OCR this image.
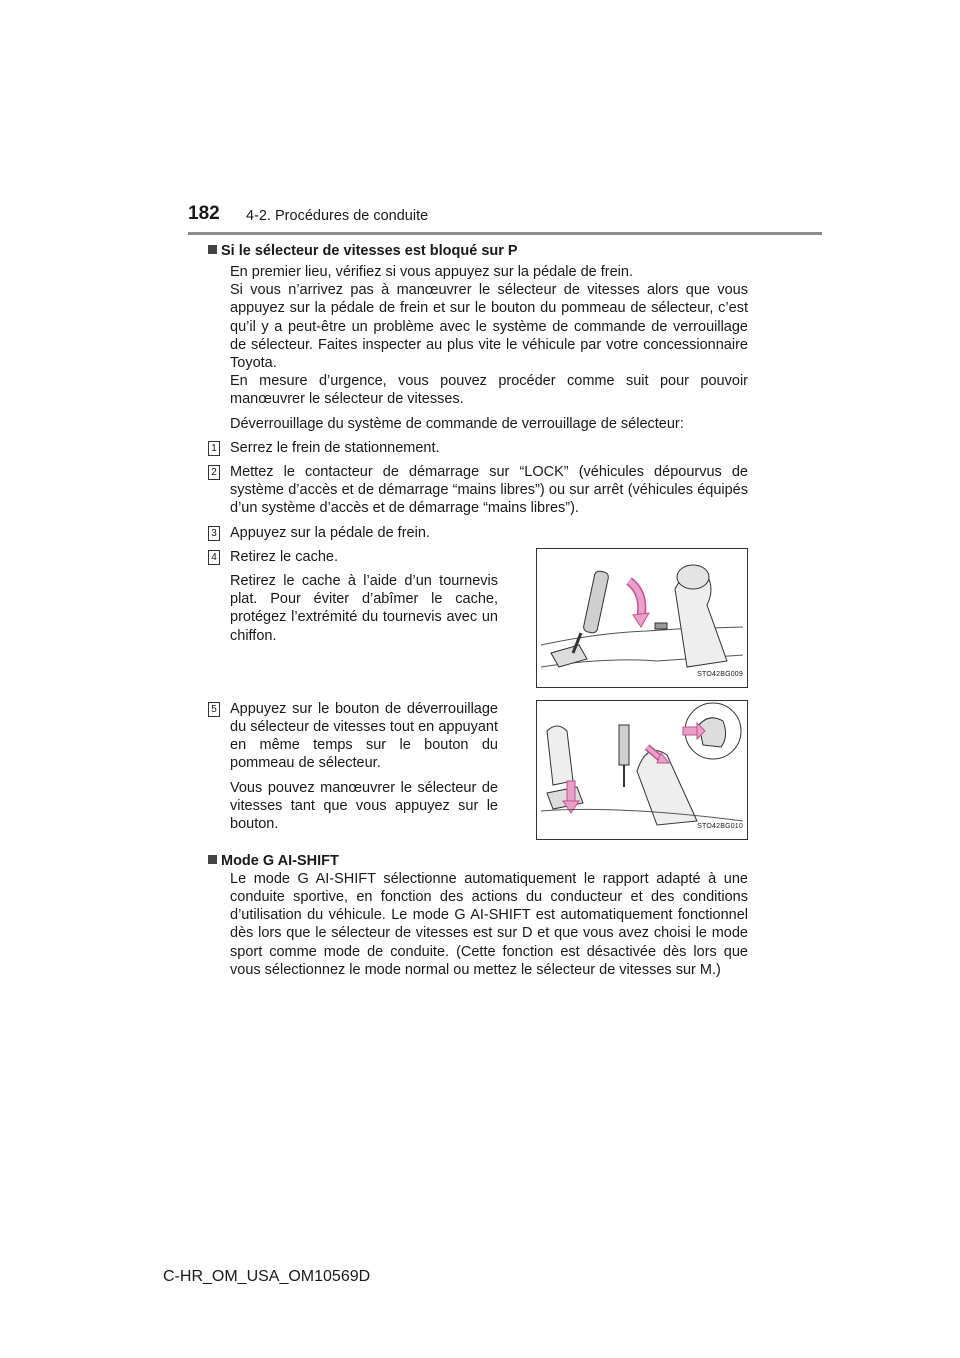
182 4-2. Procédures de conduite

Si le sélecteur de vitesses est bloqué sur P

En premier lieu, vérifiez si vous appuyez sur la pédale de frein.

Si vous n’arrivez pas à manœuvrer le sélecteur de vitesses alors que vous appuyez sur la pédale de frein et sur le bouton du pommeau de sélecteur, c’est qu’il y a peut-être un problème avec le système de commande de verrouillage de sélecteur. Faites inspecter au plus vite le véhicule par votre concessionnaire Toyota.

En mesure d’urgence, vous pouvez procéder comme suit pour pouvoir manœuvrer le sélecteur de vitesses.

Déverrouillage du système de commande de verrouillage de sélecteur:

1 Serrez le frein de stationnement.
2 Mettez le contacteur de démarrage sur “LOCK” (véhicules dépourvus de système d’accès et de démarrage “mains libres”) ou sur arrêt (véhicules équipés d’un système d’accès et de démarrage “mains libres”).
3 Appuyez sur la pédale de frein.
4 Retirez le cache.
Retirez le cache à l’aide d’un tournevis plat. Pour éviter d’abîmer le cache, protégez l’extrémité du tournevis avec un chiffon.
STO42BG009
5 Appuyez sur le bouton de déverrouillage du sélecteur de vitesses tout en appuyant en même temps sur le bouton du pommeau de sélecteur.
Vous pouvez manœuvrer le sélecteur de vitesses tant que vous appuyez sur le bouton.	STO42BG010

Mode G AI-SHIFT

Le mode G AI-SHIFT sélectionne automatiquement le rapport adapté à une conduite sportive, en fonction des actions du conducteur et des conditions d’utilisation du véhicule. Le mode G AI-SHIFT est automatiquement fonctionnel dès lors que le sélecteur de vitesses est sur D et que vous avez choisi le mode sport comme mode de conduite. (Cette fonction est désactivée dès lors que vous sélectionnez le mode normal ou mettez le sélecteur de vitesses sur M.)

C-HR_OM_USA_OM10569D
